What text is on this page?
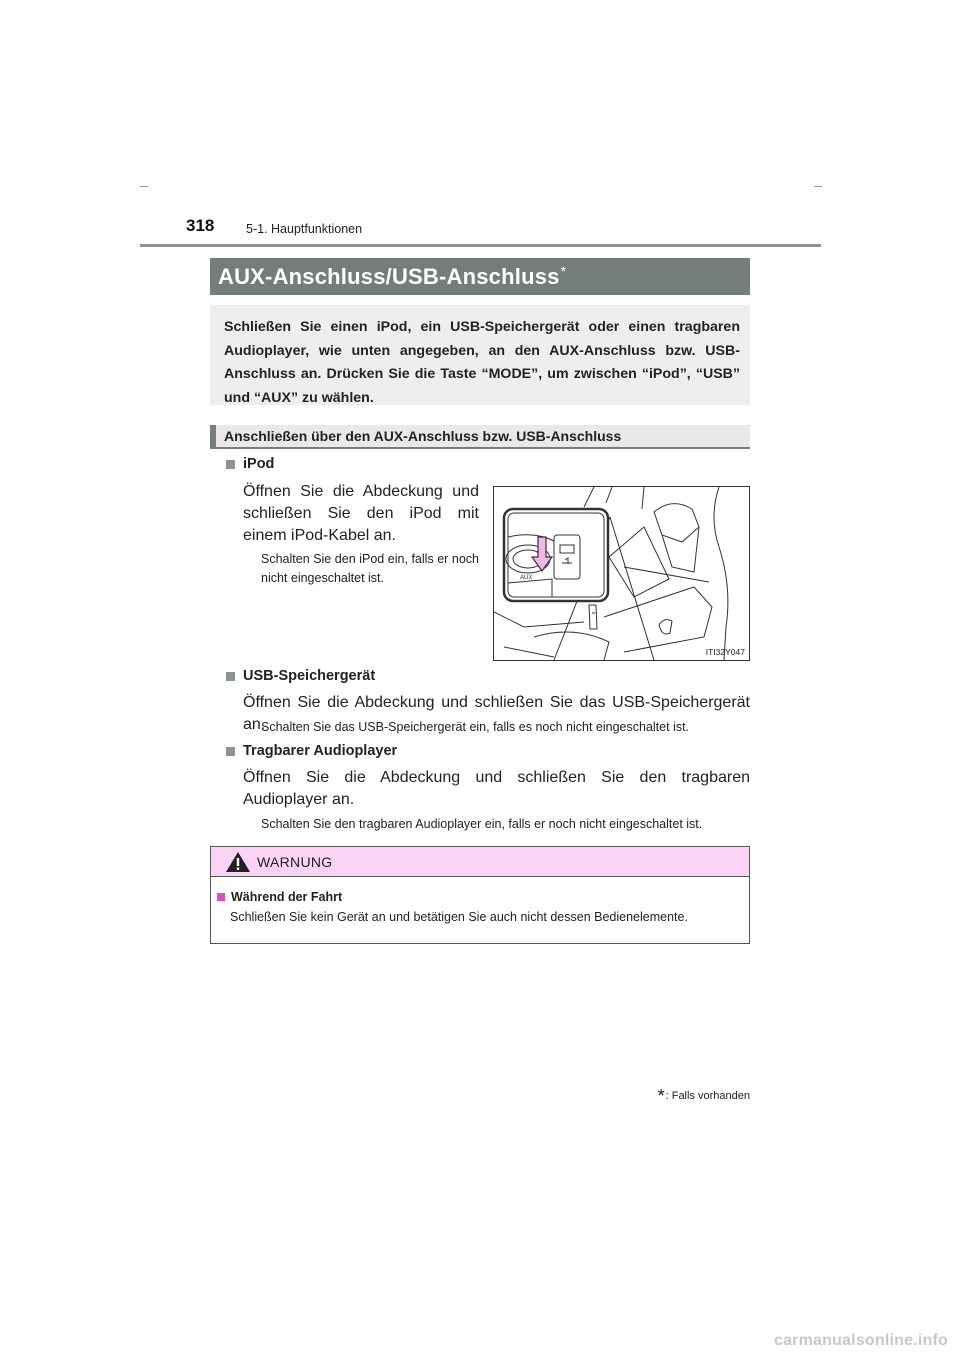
318	5-1. Hauptfunktionen
AUX-Anschluss/USB-Anschluss *
Schließen Sie einen iPod, ein USB-Speichergerät oder einen tragbaren Audioplayer, wie unten angegeben, an den AUX-Anschluss bzw. USB-Anschluss an. Drücken Sie die Taste “MODE”, um zwischen “iPod”, “USB” und “AUX” zu wählen.
Anschließen über den AUX-Anschluss bzw. USB-Anschluss
iPod
Öffnen Sie die Abdeckung und schließen Sie den iPod mit einem iPod-Kabel an.
Schalten Sie den iPod ein, falls er noch nicht eingeschaltet ist.	AUX
ITI32Y047
USB-Speichergerät
Öffnen Sie die Abdeckung und schließen Sie das USB-Speichergerät an.
Schalten Sie das USB-Speichergerät ein, falls es noch nicht eingeschaltet ist.
Tragbarer Audioplayer
Öffnen Sie die Abdeckung und schließen Sie den tragbaren Audioplayer an.
Schalten Sie den tragbaren Audioplayer ein, falls er noch nicht eingeschaltet ist.
WARNUNG
Während der Fahrt
Schließen Sie kein Gerät an und betätigen Sie auch nicht dessen Bedienelemente.
* : Falls vorhanden
carmanualsonline.info
